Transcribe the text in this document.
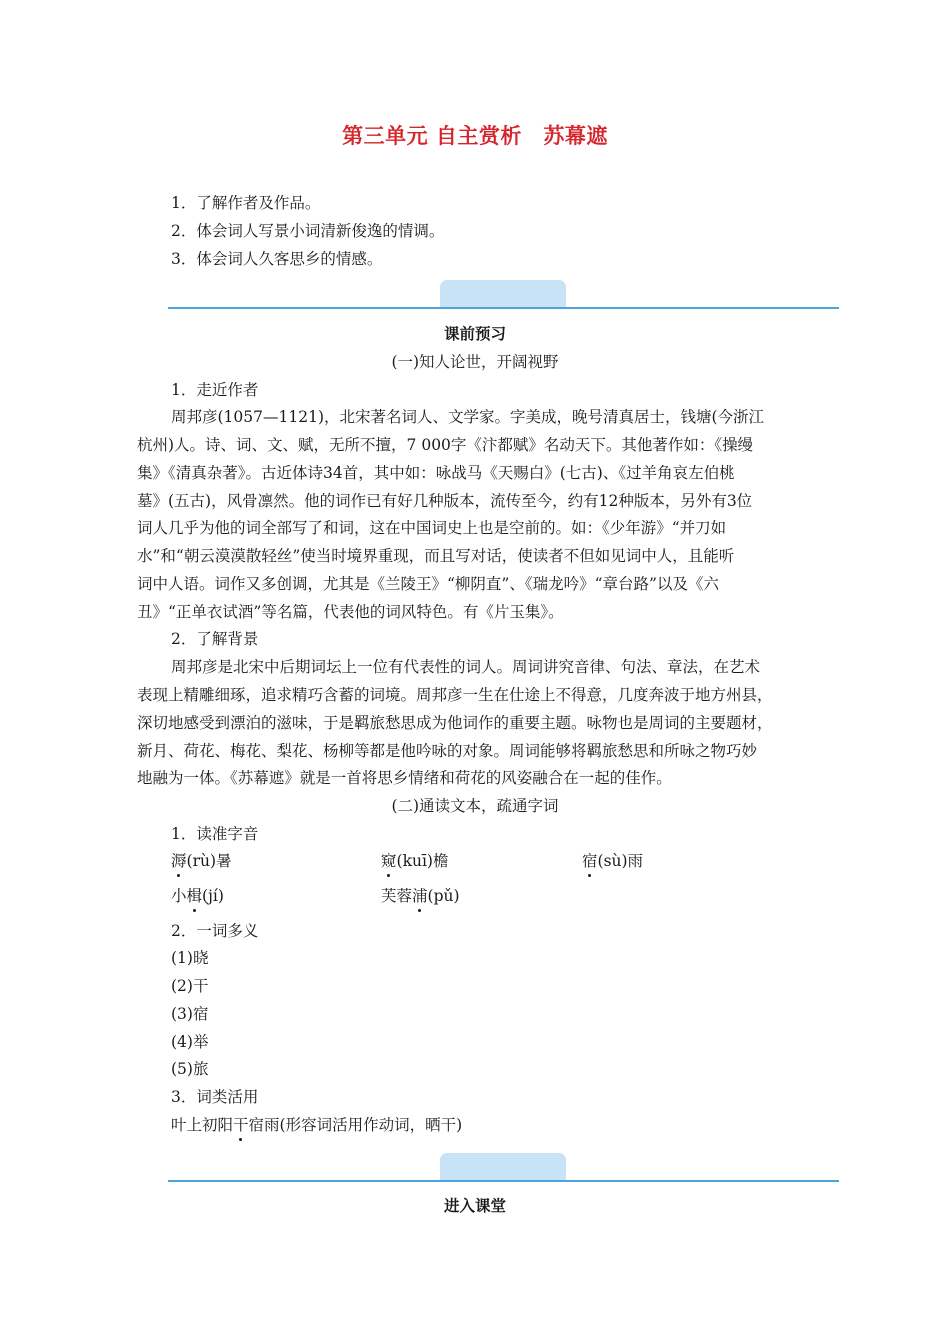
第三单元 自主赏析　苏幕遮
1．了解作者及作品。
2．体会词人写景小词清新俊逸的情调。
3．体会词人久客思乡的情感。
课前预习
(一)知人论世，开阔视野
1．走近作者
周邦彦(1057—1121)，北宋著名词人、文学家。字美成，晚号清真居士，钱塘(今浙江
杭州)人。诗、词、文、赋，无所不擅，7 000字《汴都赋》名动天下。其他著作如：《操缦
集》《清真杂著》。古近体诗34首，其中如：咏战马《天赐白》(七古)、《过羊角哀左伯桃
墓》(五古)，风骨凛然。他的词作已有好几种版本，流传至今，约有12种版本，另外有3位
词人几乎为他的词全部写了和词，这在中国词史上也是空前的。如：《少年游》“并刀如
水”和“朝云漠漠散轻丝”使当时境界重现，而且写对话，使读者不但如见词中人，且能听
词中人语。词作又多创调，尤其是《兰陵王》“柳阴直”、《瑞龙吟》“章台路”以及《六
丑》“正单衣试酒”等名篇，代表他的词风特色。有《片玉集》。
2．了解背景
周邦彦是北宋中后期词坛上一位有代表性的词人。周词讲究音律、句法、章法，在艺术
表现上精雕细琢，追求精巧含蓄的词境。周邦彦一生在仕途上不得意，几度奔波于地方州县，
深切地感受到漂泊的滋味，于是羁旅愁思成为他词作的重要主题。咏物也是周词的主要题材，
新月、荷花、梅花、梨花、杨柳等都是他吟咏的对象。周词能够将羁旅愁思和所咏之物巧妙
地融为一体。《苏幕遮》就是一首将思乡情绪和荷花的风姿融合在一起的佳作。
(二)通读文本，疏通字词
1．读准字音
溽(rù)暑	窥(kuī)檐	宿(sù)雨
小楫(jí)	芙蓉浦(pǔ)
2．一词多义
(1)晓
(2)干
(3)宿
(4)举
(5)旅
3．词类活用
叶上初阳干宿雨(形容词活用作动词，晒干)
进入课堂
